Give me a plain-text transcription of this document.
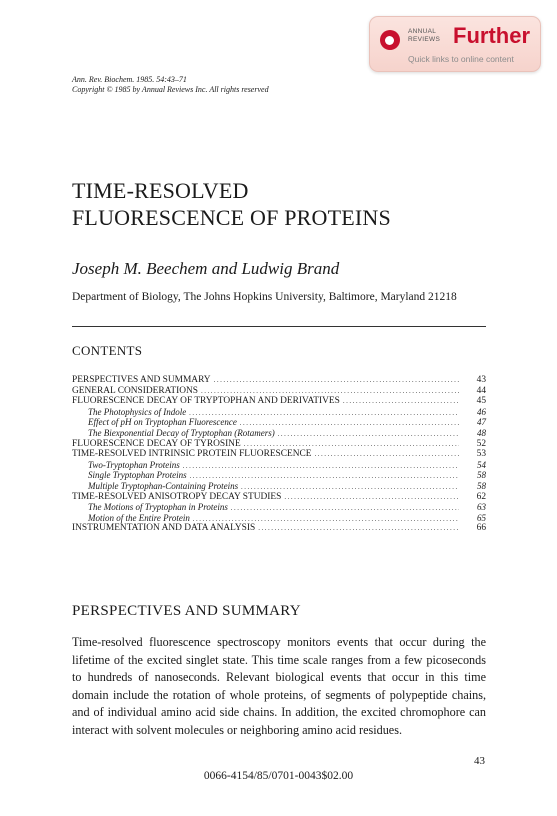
ANNUAL
REVIEWS Further
Quick links to online content
Ann. Rev. Biochem. 1985. 54:43–71
Copyright © 1985 by Annual Reviews Inc. All rights reserved
TIME-RESOLVED
FLUORESCENCE OF PROTEINS
Joseph M. Beechem and Ludwig Brand
Department of Biology, The Johns Hopkins University, Baltimore, Maryland 21218
CONTENTS
PERSPECTIVES AND SUMMARY .....	43
GENERAL CONSIDERATIONS .....	44
FLUORESCENCE DECAY OF TRYPTOPHAN AND DERIVATIVES .....	45
The Photophysics of Indole .....	46
Effect of pH on Tryptophan Fluorescence .....	47
The Biexponential Decay of Tryptophan (Rotamers) .....	48
FLUORESCENCE DECAY OF TYROSINE .....	52
TIME-RESOLVED INTRINSIC PROTEIN FLUORESCENCE .....	53
Two-Tryptophan Proteins .....	54
Single Tryptophan Proteins .....	58
Multiple Tryptophan-Containing Proteins .....	58
TIME-RESOLVED ANISOTROPY DECAY STUDIES .....	62
The Motions of Tryptophan in Proteins .....	63
Motion of the Entire Protein .....	65
INSTRUMENTATION AND DATA ANALYSIS .....	66
PERSPECTIVES AND SUMMARY
Time-resolved fluorescence spectroscopy monitors events that occur during the lifetime of the excited singlet state. This time scale ranges from a few picoseconds to hundreds of nanoseconds. Relevant biological events that occur in this time domain include the rotation of whole proteins, of segments of polypeptide chains, and of individual amino acid side chains. In addition, the excited chromophore can interact with solvent molecules or neighboring amino acid residues.
43
0066-4154/85/0701-0043$02.00
